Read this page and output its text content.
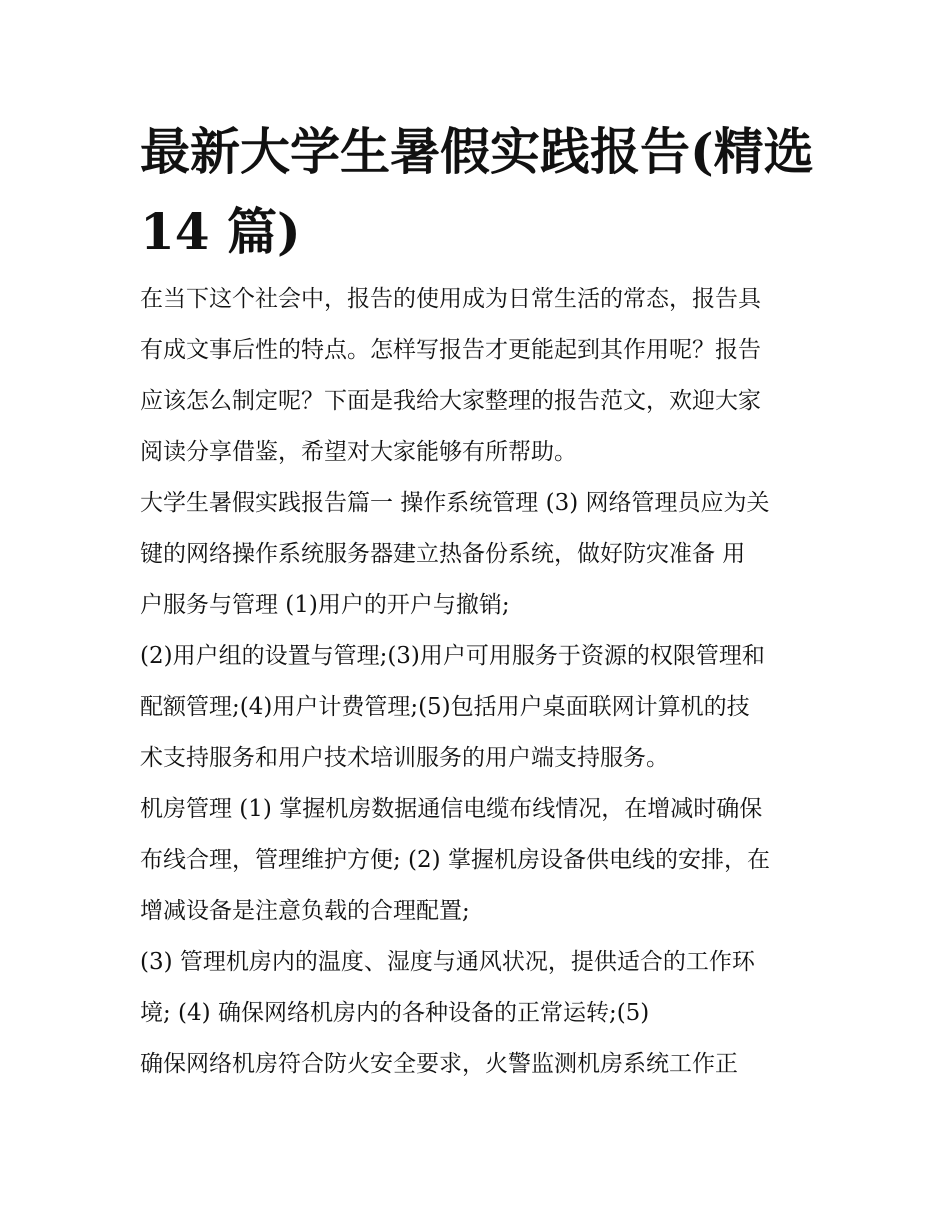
最新大学生暑假实践报告(精选
14 篇)

在当下这个社会中，报告的使用成为日常生活的常态，报告具
有成文事后性的特点。怎样写报告才更能起到其作用呢？报告
应该怎么制定呢？下面是我给大家整理的报告范文，欢迎大家
阅读分享借鉴，希望对大家能够有所帮助。

大学生暑假实践报告篇一 操作系统管理 (3) 网络管理员应为关
键的网络操作系统服务器建立热备份系统，做好防灾准备 用
户服务与管理 (1)用户的开户与撤销;

(2)用户组的设置与管理;(3)用户可用服务于资源的权限管理和
配额管理;(4)用户计费管理;(5)包括用户桌面联网计算机的技
术支持服务和用户技术培训服务的用户端支持服务。

机房管理 (1) 掌握机房数据通信电缆布线情况，在增减时确保
布线合理，管理维护方便; (2) 掌握机房设备供电线的安排，在
增减设备是注意负载的合理配置;

(3) 管理机房内的温度、湿度与通风状况，提供适合的工作环
境; (4) 确保网络机房内的各种设备的正常运转;(5)

确保网络机房符合防火安全要求，火警监测机房系统工作正
